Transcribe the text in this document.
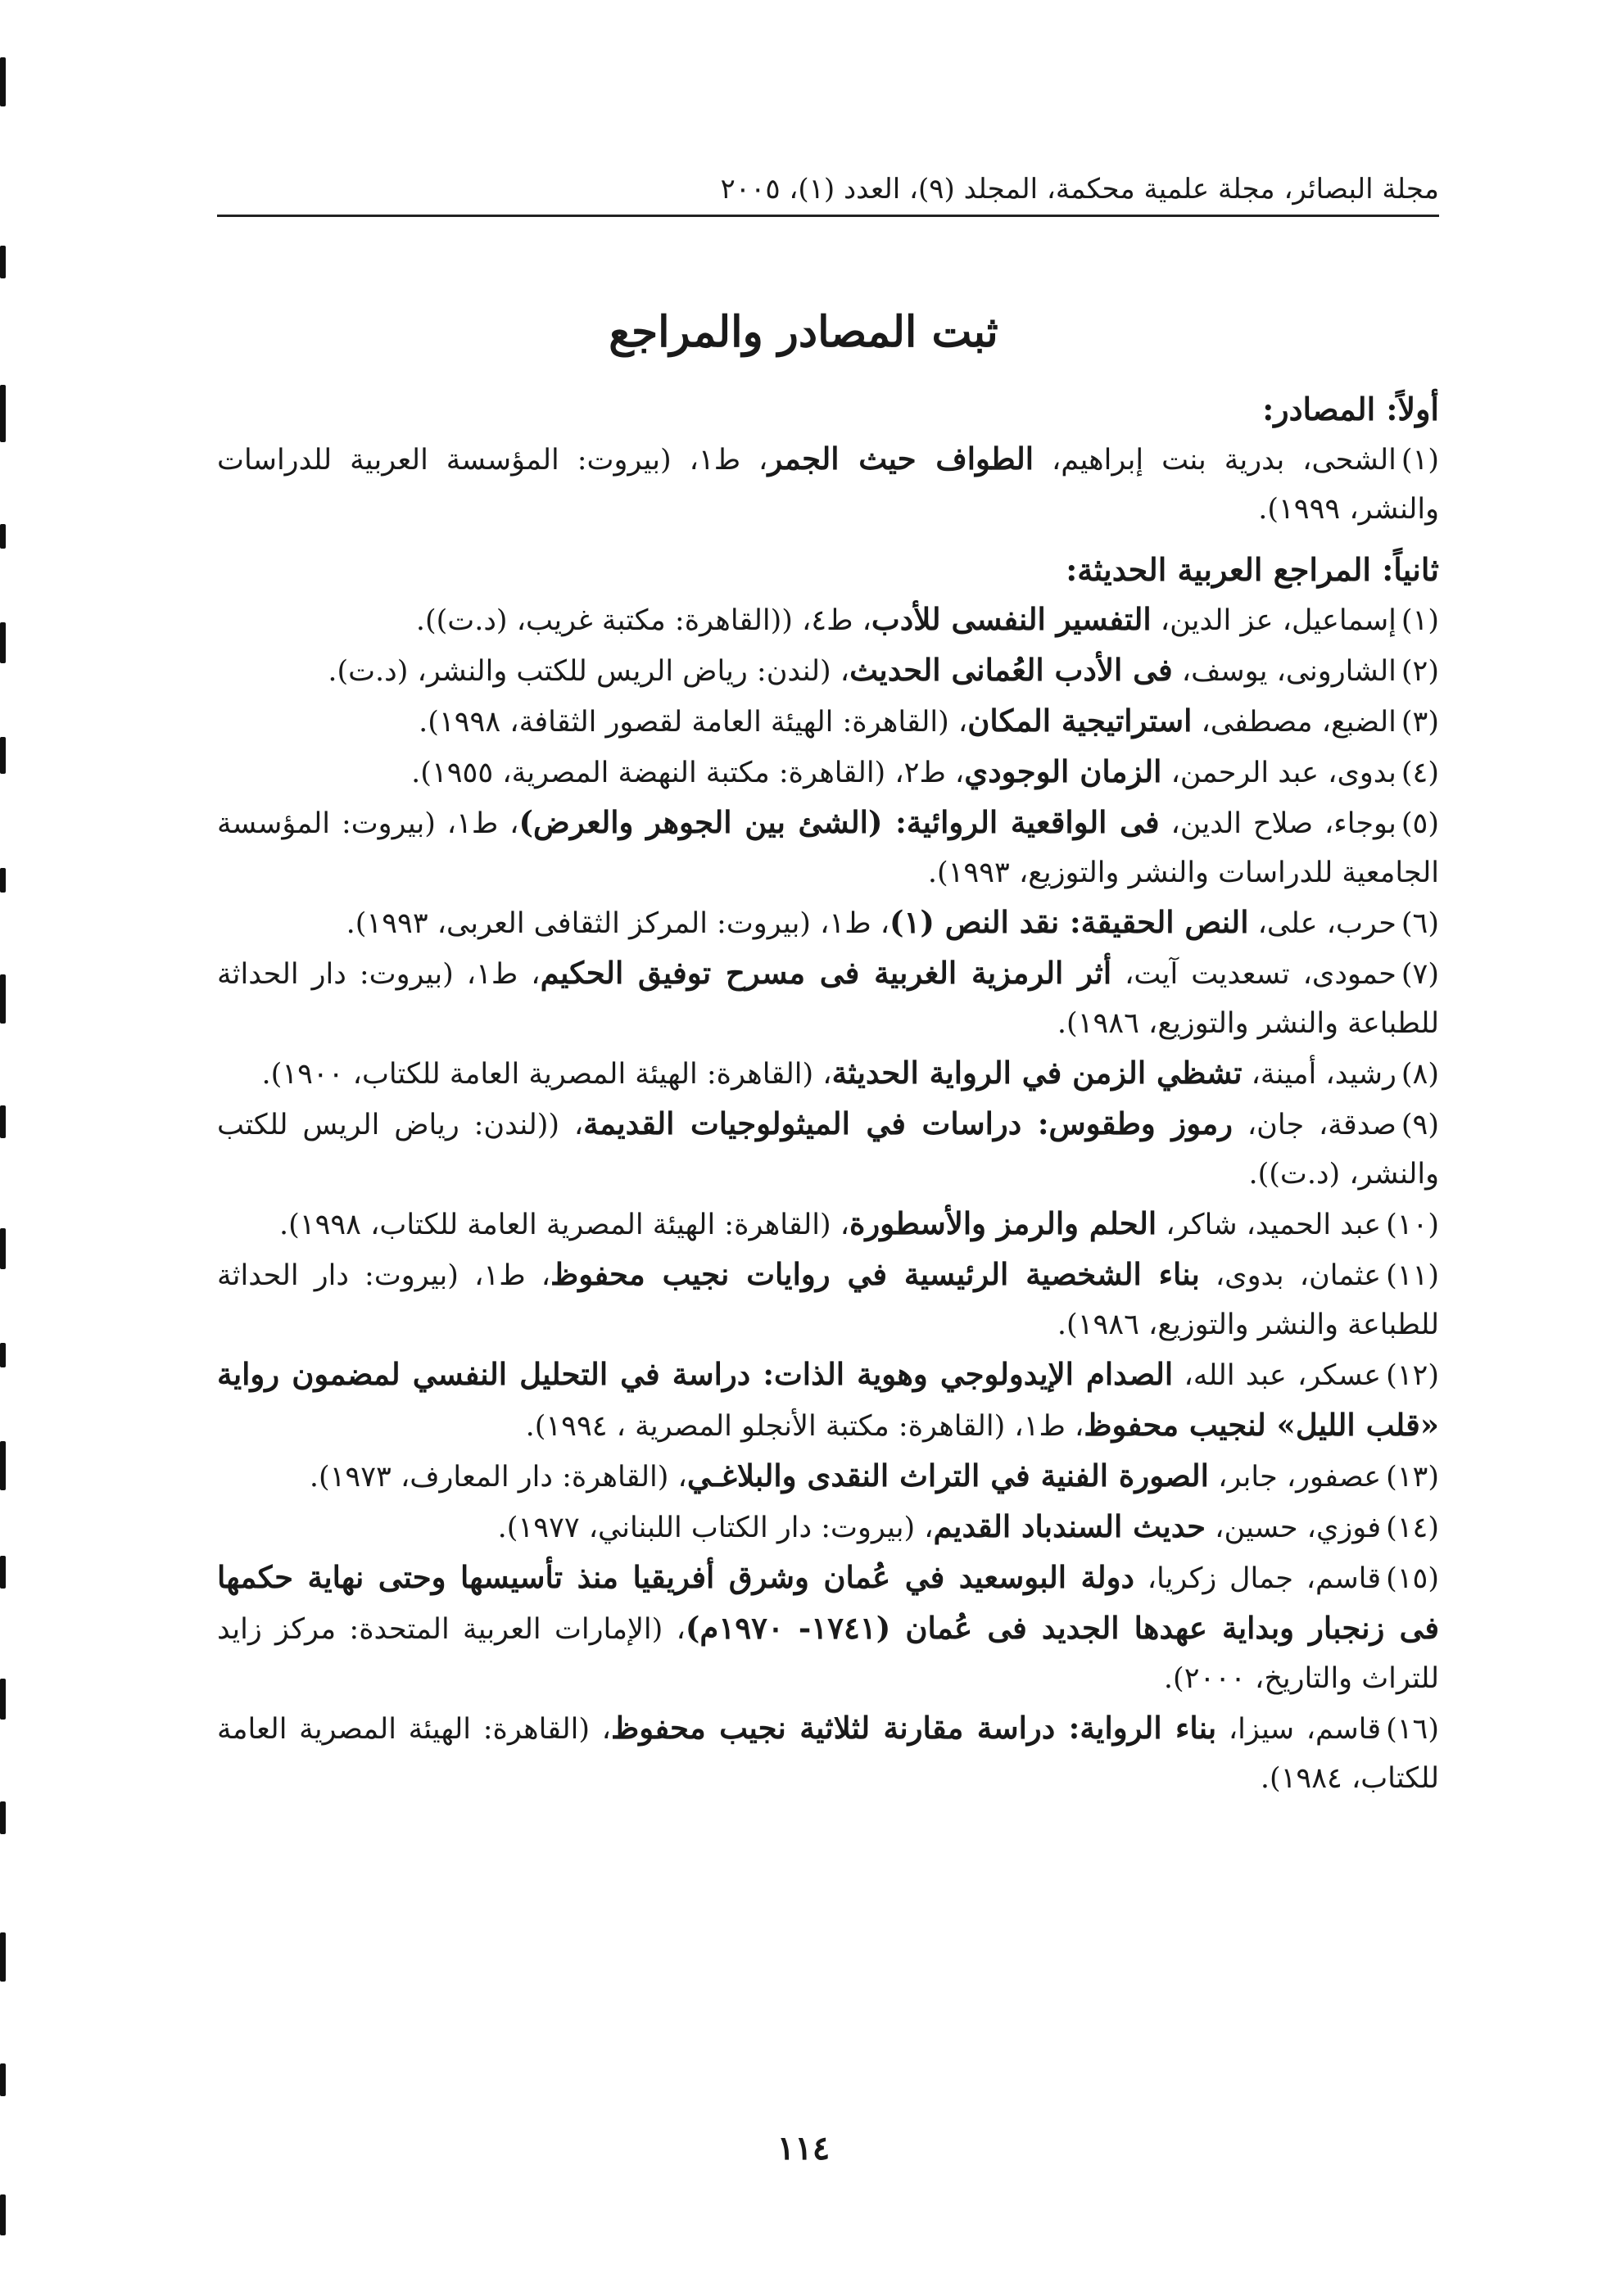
مجلة البصائر، مجلة علمية محكمة، المجلد (٩)، العدد (١)، ٢٠٠٥
ثبت المصادر والمراجع

أولاً: المصادر:

(١)الشحى، بدرية بنت إبراهيم، الطواف حيث الجمر، ط١، (بيروت: المؤسسة العربية للدراسات والنشر، ١٩٩٩).

ثانياً: المراجع العربية الحديثة:

(١)إسماعيل، عز الدين، التفسير النفسى للأدب، ط٤، ((القاهرة: مكتبة غريب، (د.ت)).

(٢)الشارونى، يوسف، فى الأدب العُمانى الحديث، (لندن: رياض الريس للكتب والنشر، (د.ت).

(٣)الضبع، مصطفى، استراتيجية المكان، (القاهرة: الهيئة العامة لقصور الثقافة، ١٩٩٨).

(٤)بدوى، عبد الرحمن، الزمان الوجودي، ط٢، (القاهرة: مكتبة النهضة المصرية، ١٩٥٥).

(٥)بوجاء، صلاح الدين، فى الواقعية الروائية: (الشئ بين الجوهر والعرض)، ط١، (بيروت: المؤسسة الجامعية للدراسات والنشر والتوزيع، ١٩٩٣).

(٦)حرب، على، النص الحقيقة: نقد النص (١)، ط١، (بيروت: المركز الثقافى العربى، ١٩٩٣).

(٧)حمودى، تسعديت آيت، أثر الرمزية الغربية فى مسرح توفيق الحكيم، ط١، (بيروت: دار الحداثة للطباعة والنشر والتوزيع، ١٩٨٦).

(٨)رشيد، أمينة، تشظي الزمن في الرواية الحديثة، (القاهرة: الهيئة المصرية العامة للكتاب، ١٩٠٠).

(٩)صدقة، جان، رموز وطقوس: دراسات في الميثولوجيات القديمة، ((لندن: رياض الريس للكتب والنشر، (د.ت)).

(١٠)عبد الحميد، شاكر، الحلم والرمز والأسطورة، (القاهرة: الهيئة المصرية العامة للكتاب، ١٩٩٨).

(١١)عثمان، بدوى، بناء الشخصية الرئيسية في روايات نجيب محفوظ، ط١، (بيروت: دار الحداثة للطباعة والنشر والتوزيع، ١٩٨٦).

(١٢)عسكر، عبد الله، الصدام الإيدولوجي وهوية الذات: دراسة في التحليل النفسي لمضمون رواية «قلب الليل» لنجيب محفوظ، ط١، (القاهرة: مكتبة الأنجلو المصرية ، ١٩٩٤).

(١٣)عصفور، جابر، الصورة الفنية في التراث النقدى والبلاغـي، (القاهرة: دار المعارف، ١٩٧٣).

(١٤)فوزي، حسين، حديث السندباد القديم، (بيروت: دار الكتاب اللبناني، ١٩٧٧).

(١٥)قاسم، جمال زكريا، دولة البوسعيد في عُمان وشرق أفريقيا منذ تأسيسها وحتى نهاية حكمها فى زنجبار وبداية عهدها الجديد فى عُمان (١٧٤١- ١٩٧٠م)، (الإمارات العربية المتحدة: مركز زايد للتراث والتاريخ، ٢٠٠٠).

(١٦)قاسم، سيزا، بناء الرواية: دراسة مقارنة لثلاثية نجيب محفوظ، (القاهرة: الهيئة المصرية العامة للكتاب، ١٩٨٤).

١١٤
